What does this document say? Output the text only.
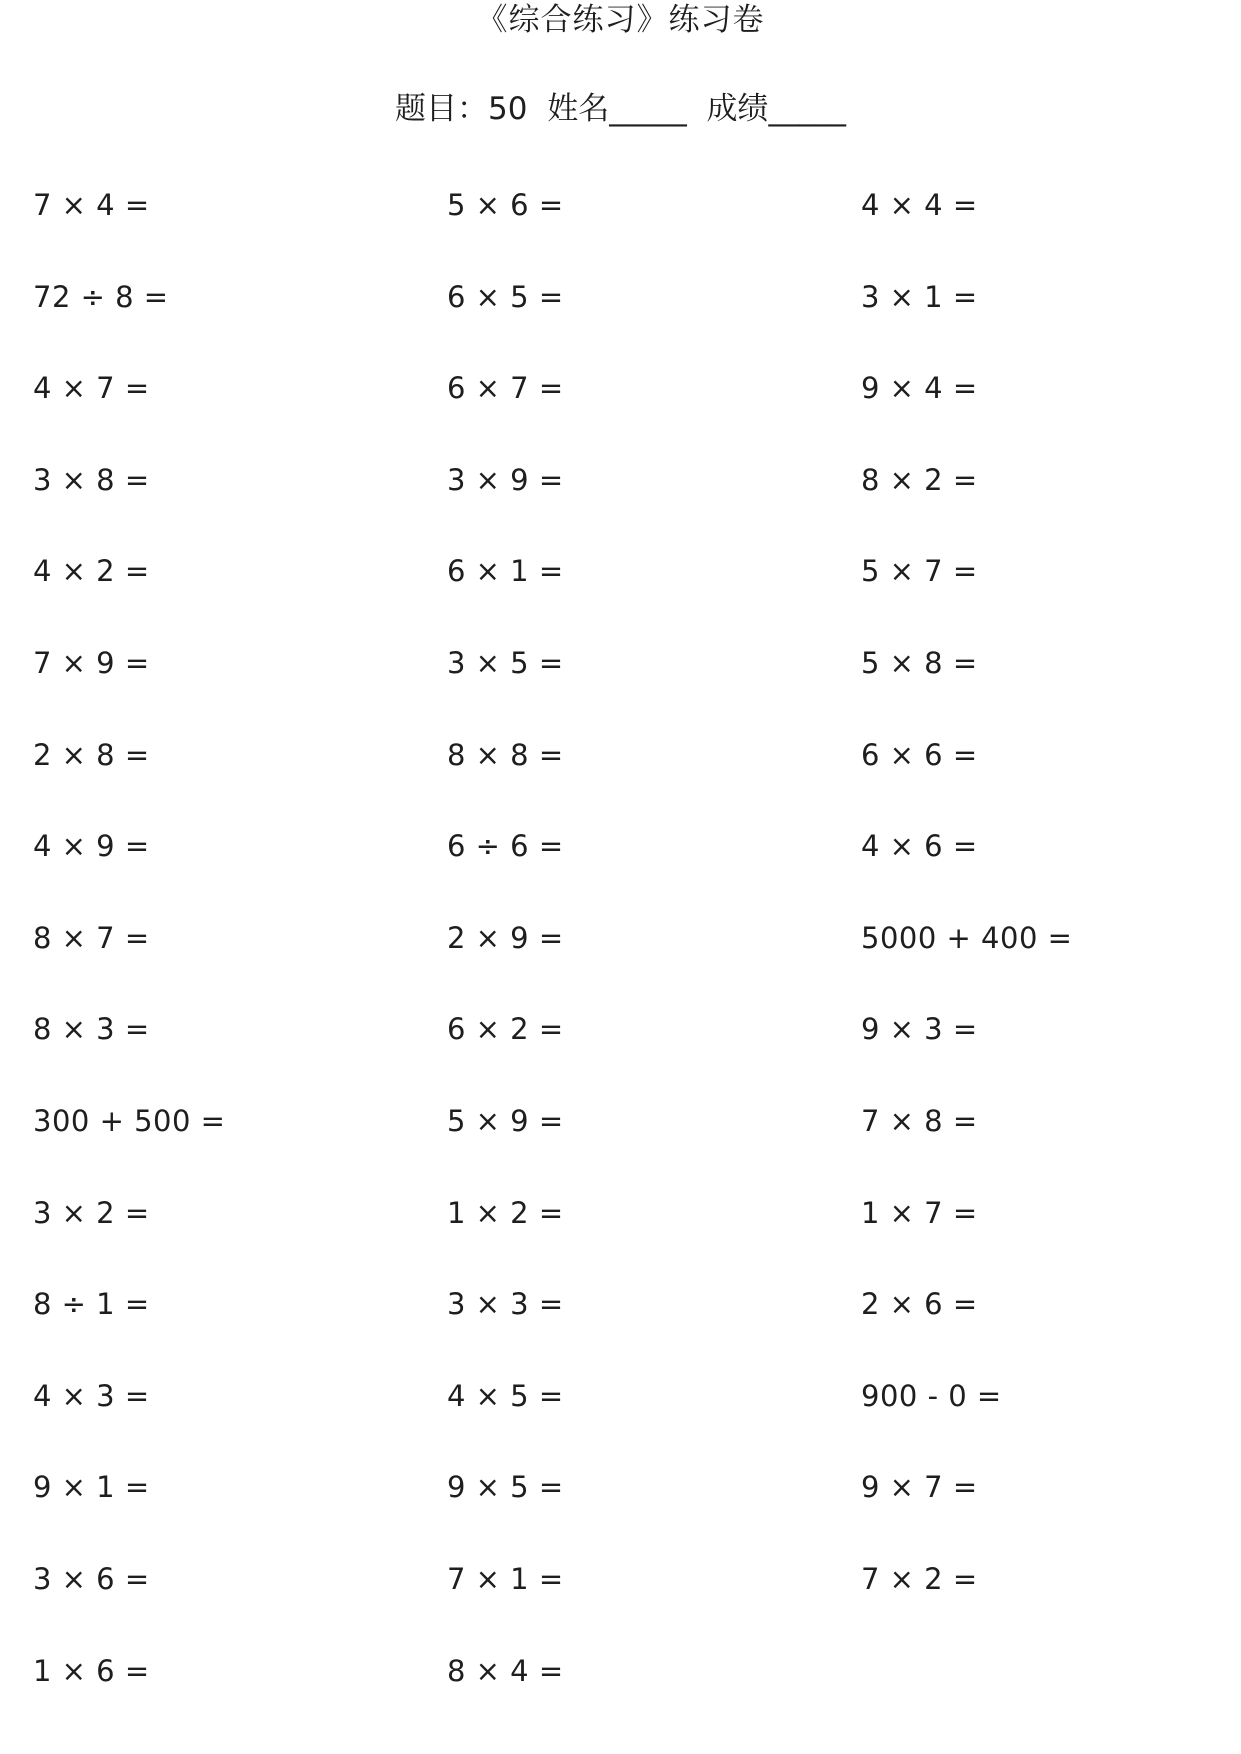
《综合练习》练习卷
题目：50 姓名_____ 成绩_____
7 × 4 =	5 × 6 =	4 × 4 =
72 ÷ 8 =	6 × 5 =	3 × 1 =
4 × 7 =	6 × 7 =	9 × 4 =
3 × 8 =	3 × 9 =	8 × 2 =
4 × 2 =	6 × 1 =	5 × 7 =
7 × 9 =	3 × 5 =	5 × 8 =
2 × 8 =	8 × 8 =	6 × 6 =
4 × 9 =	6 ÷ 6 =	4 × 6 =
8 × 7 =	2 × 9 =	5000 + 400 =
8 × 3 =	6 × 2 =	9 × 3 =
300 + 500 =	5 × 9 =	7 × 8 =
3 × 2 =	1 × 2 =	1 × 7 =
8 ÷ 1 =	3 × 3 =	2 × 6 =
4 × 3 =	4 × 5 =	900 - 0 =
9 × 1 =	9 × 5 =	9 × 7 =
3 × 6 =	7 × 1 =	7 × 2 =
1 × 6 =	8 × 4 =
